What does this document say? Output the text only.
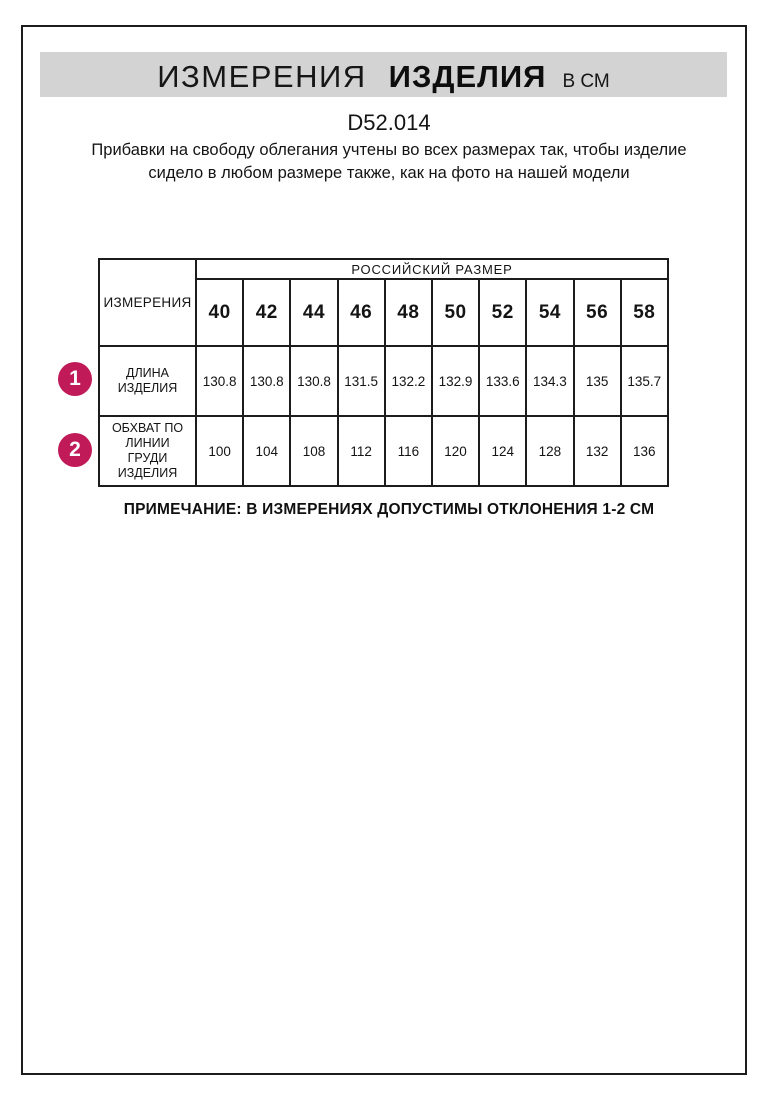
ИЗМЕРЕНИЯ ИЗДЕЛИЯ В СМ
D52.014
Прибавки на свободу облегания учтены во всех размерах так, чтобы изделие сидело в любом размере также, как на фото на нашей модели
ИЗМЕРЕНИЯ	РОССИЙСКИЙ РАЗМЕР									
	40	42	44	46	48	50	52	54	56	58
ДЛИНА ИЗДЕЛИЯ	130.8	130.8	130.8	131.5	132.2	132.9	133.6	134.3	135	135.7
ОБХВАТ ПО ЛИНИИ ГРУДИ ИЗДЕЛИЯ	100	104	108	112	116	120	124	128	132	136
1
2
ПРИМЕЧАНИЕ: В ИЗМЕРЕНИЯХ ДОПУСТИМЫ ОТКЛОНЕНИЯ 1-2 СМ
